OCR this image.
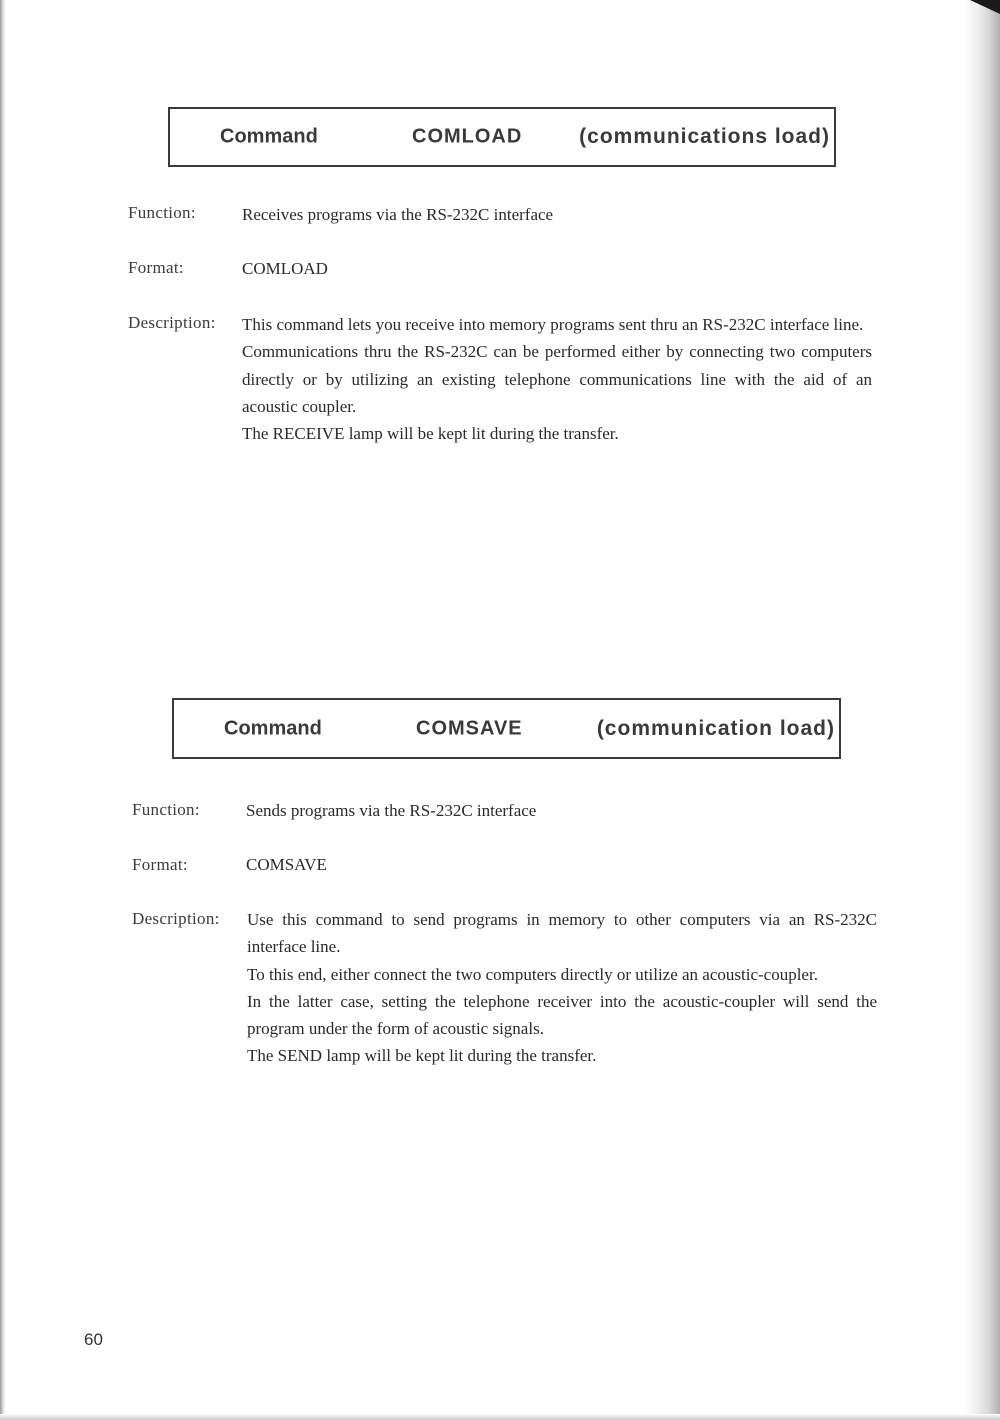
Command	COMLOAD	(communications load)
Function:	Receives programs via the RS-232C interface
Format:	COMLOAD
Description: This command lets you receive into memory programs sent thru an RS-232C interface line.

Communications thru the RS-232C can be performed either by connecting two computers directly or by utilizing an existing telephone communications line with the aid of an acoustic coupler.

The RECEIVE lamp will be kept lit during the transfer.

Command	COMSAVE	(communication load)
Function:	Sends programs via the RS-232C interface
Format:	COMSAVE
Description: Use this command to send programs in memory to other computers via an RS-232C interface line.

To this end, either connect the two computers directly or utilize an acoustic-coupler.

In the latter case, setting the telephone receiver into the acoustic-coupler will send the program under the form of acoustic signals.

The SEND lamp will be kept lit during the transfer.

60
